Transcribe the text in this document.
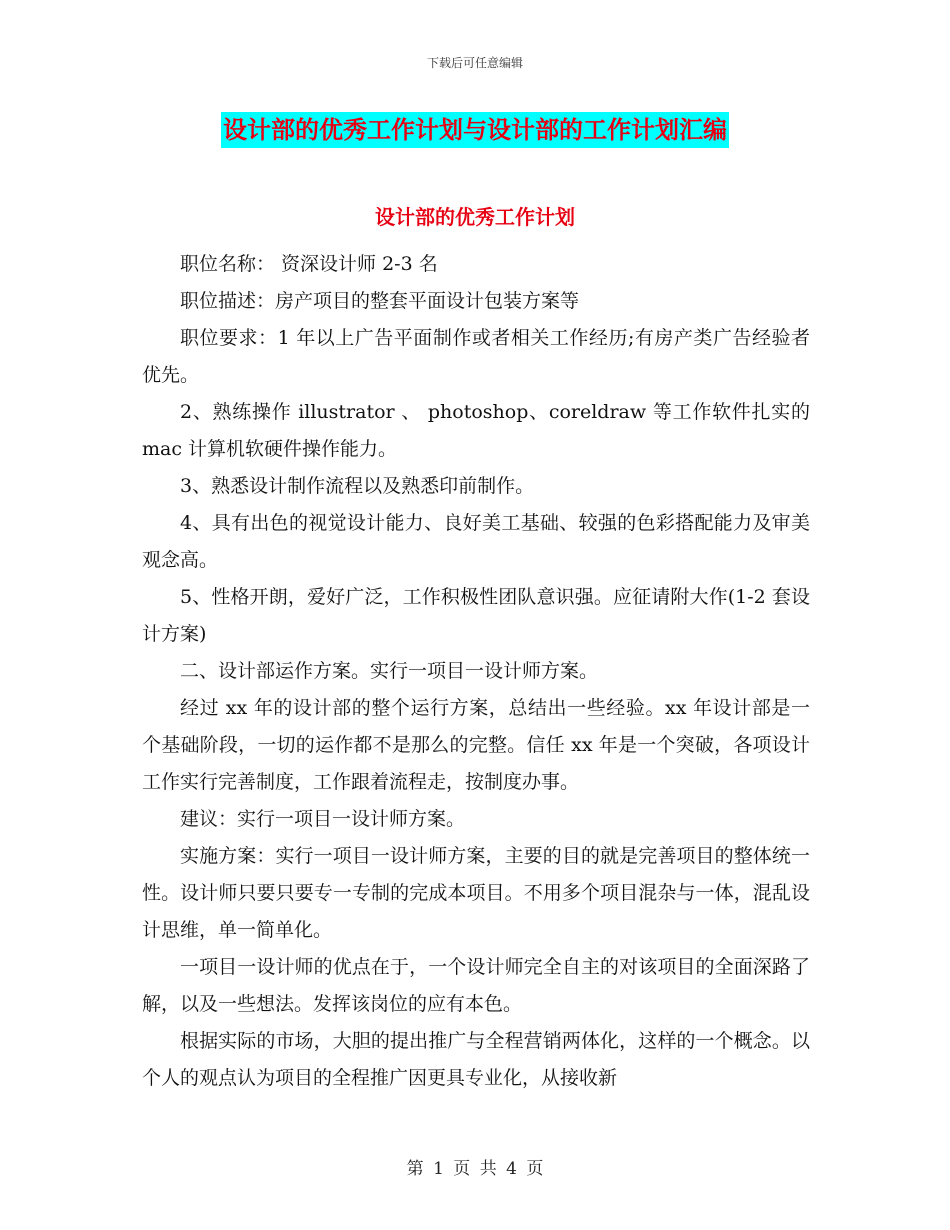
下载后可任意编辑
设计部的优秀工作计划与设计部的工作计划汇编
设计部的优秀工作计划

职位名称： 资深设计师 2-3 名

职位描述：房产项目的整套平面设计包装方案等

职位要求：1 年以上广告平面制作或者相关工作经历;有房产类广告经验者优先。

2、熟练操作 illustrator 、 photoshop、coreldraw 等工作软件扎实的 mac 计算机软硬件操作能力。

3、熟悉设计制作流程以及熟悉印前制作。

4、具有出色的视觉设计能力、良好美工基础、较强的色彩搭配能力及审美观念高。

5、性格开朗，爱好广泛，工作积极性团队意识强。应征请附大作(1-2 套设计方案)

二、设计部运作方案。实行一项目一设计师方案。

经过 xx 年的设计部的整个运行方案，总结出一些经验。xx 年设计部是一个基础阶段，一切的运作都不是那么的完整。信任 xx 年是一个突破，各项设计工作实行完善制度，工作跟着流程走，按制度办事。

建议：实行一项目一设计师方案。

实施方案：实行一项目一设计师方案，主要的目的就是完善项目的整体统一性。设计师只要只要专一专制的完成本项目。不用多个项目混杂与一体，混乱设计思维，单一简单化。

一项目一设计师的优点在于，一个设计师完全自主的对该项目的全面深路了解，以及一些想法。发挥该岗位的应有本色。

根据实际的市场，大胆的提出推广与全程营销两体化，这样的一个概念。以个人的观点认为项目的全程推广因更具专业化，从接收新

第 1 页 共 4 页
